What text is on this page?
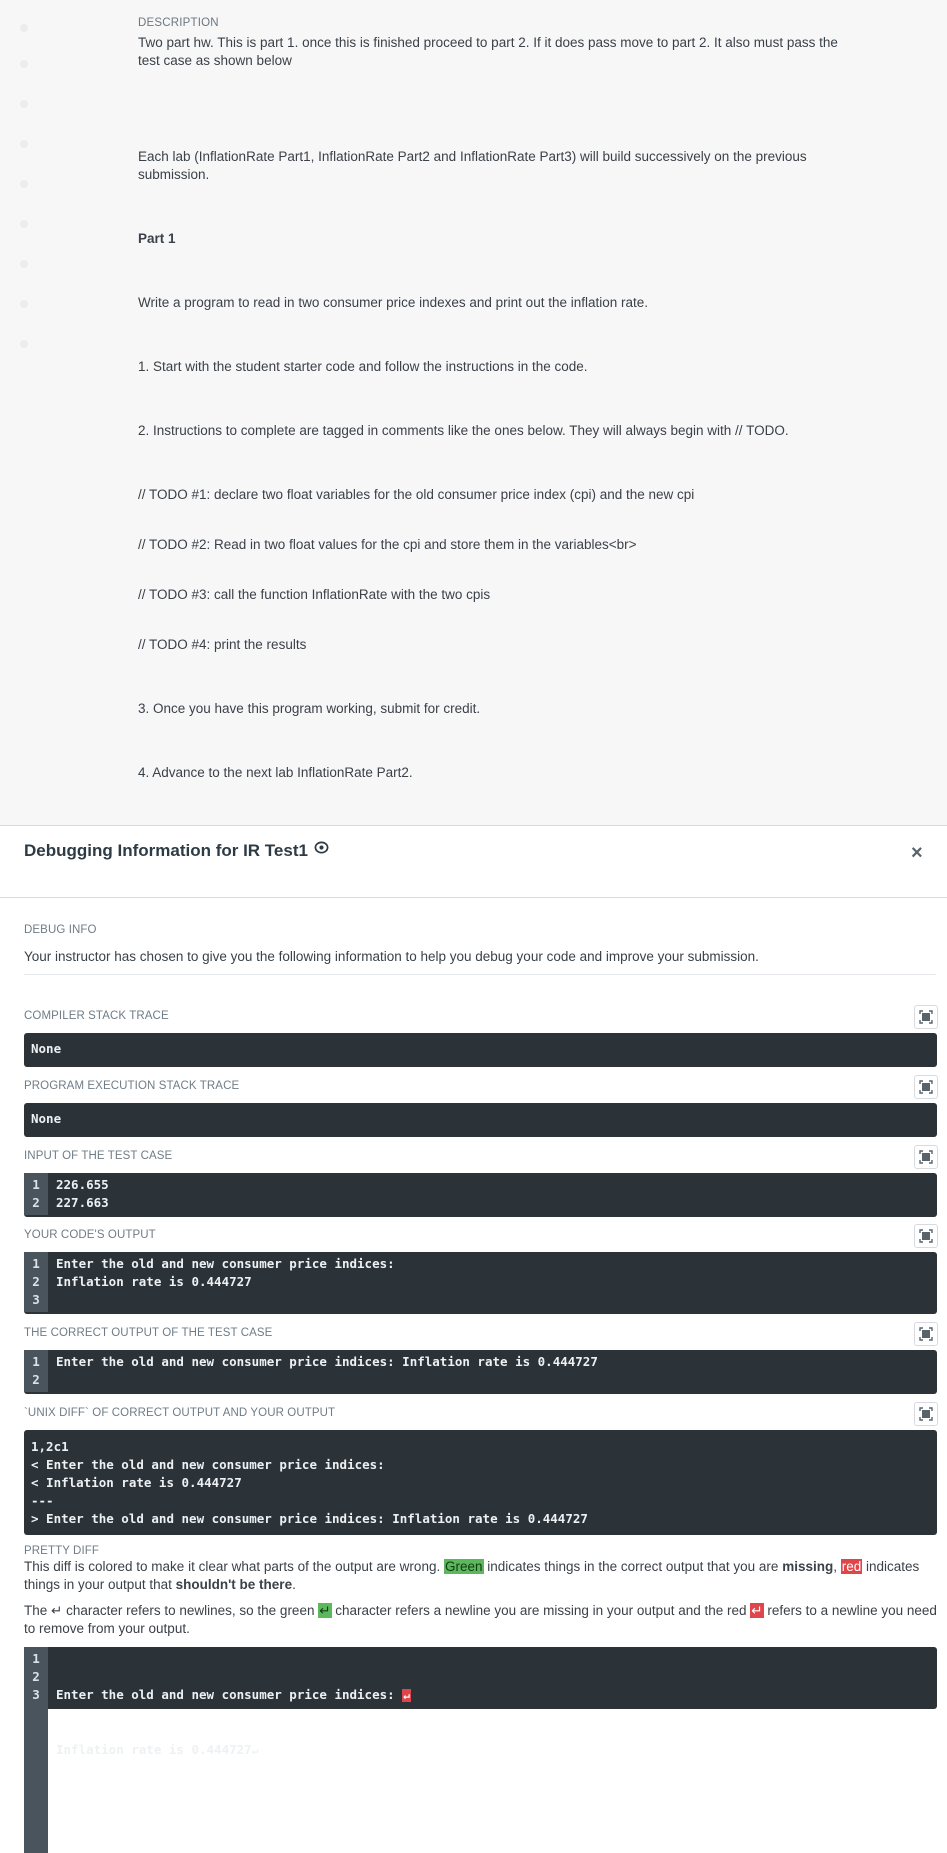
DESCRIPTION
Two part hw. This is part 1. once this is finished proceed to part 2. If it does pass move to part 2. It also must pass the test case as shown below
Each lab (InflationRate Part1, InflationRate Part2 and InflationRate Part3) will build successively on the previous submission.
Part 1
Write a program to read in two consumer price indexes and print out the inflation rate.
1. Start with the student starter code and follow the instructions in the code.
2. Instructions to complete are tagged in comments like the ones below. They will always begin with // TODO.
// TODO #1: declare two float variables for the old consumer price index (cpi) and the new cpi
// TODO #2: Read in two float values for the cpi and store them in the variables<br>
// TODO #3: call the function InflationRate with the two cpis
// TODO #4: print the results
3. Once you have this program working, submit for credit.
4. Advance to the next lab InflationRate Part2.
Debugging Information for IR Test1	×
DEBUG INFO
Your instructor has chosen to give you the following information to help you debug your code and improve your submission.
COMPILER STACK TRACE
None
PROGRAM EXECUTION STACK TRACE
None
INPUT OF THE TEST CASE
1
2
226.655
227.663
YOUR CODE'S OUTPUT
1
2
3
Enter the old and new consumer price indices:
Inflation rate is 0.444727

THE CORRECT OUTPUT OF THE TEST CASE
1
2
Enter the old and new consumer price indices: Inflation rate is 0.444727

`UNIX DIFF` OF CORRECT OUTPUT AND YOUR OUTPUT
1,2c1
< Enter the old and new consumer price indices:
< Inflation rate is 0.444727
---
> Enter the old and new consumer price indices: Inflation rate is 0.444727
PRETTY DIFF
This diff is colored to make it clear what parts of the output are wrong. Green indicates things in the correct output that you are missing, red indicates things in your output that shouldn't be there.
The ↵ character refers to newlines, so the green ↵ character refers a newline you are missing in your output and the red ↵ refers to a newline you need to remove from your output.
1
2
3

	Enter the old and new consumer price indices: ↵

Inflation rate is 0.444727↵
